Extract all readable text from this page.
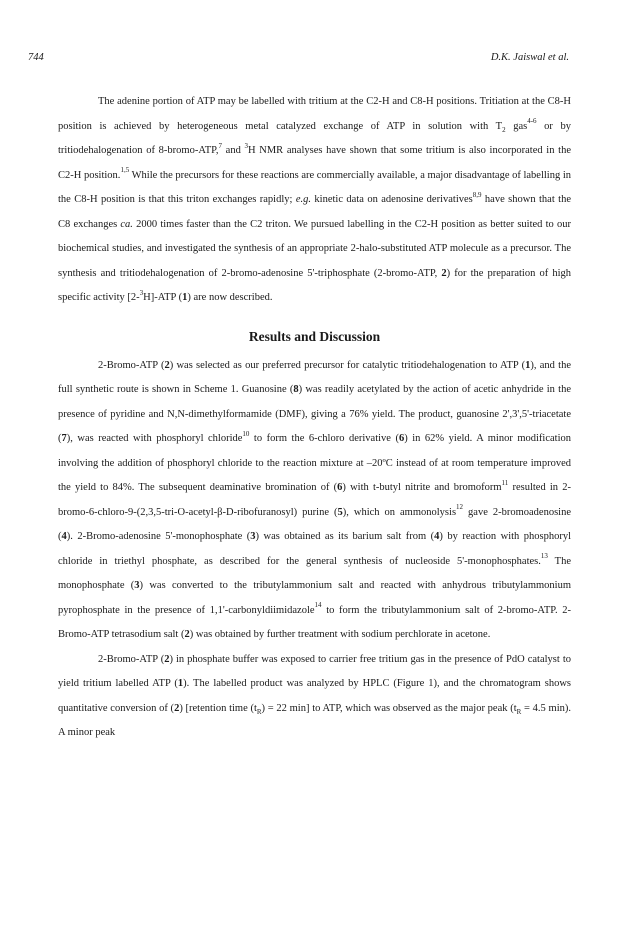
744	D.K. Jaiswal et al.

The adenine portion of ATP may be labelled with tritium at the C2-H and C8-H positions. Tritiation at the C8-H position is achieved by heterogeneous metal catalyzed exchange of ATP in solution with $T_2$ gas$^{4-6}$ or by tritiodehalogenation of 8-bromo-ATP,$^7$ and $^3$H NMR analyses have shown that some tritium is also incorporated in the C2-H position.$^{1,5}$ While the precursors for these reactions are commercially available, a major disadvantage of labelling in the C8-H position is that this triton exchanges rapidly; e.g. kinetic data on adenosine derivatives$^{8,9}$ have shown that the C8 exchanges ca. 2000 times faster than the C2 triton. We pursued labelling in the C2-H position as better suited to our biochemical studies, and investigated the synthesis of an appropriate 2-halo-substituted ATP molecule as a precursor. The synthesis and tritiodehalogenation of 2-bromo-adenosine 5'-triphosphate (2-bromo-ATP, 2) for the preparation of high specific activity [2-$^3$H]-ATP (1) are now described.

Results and Discussion

2-Bromo-ATP (2) was selected as our preferred precursor for catalytic tritiodehalogenation to ATP (1), and the full synthetic route is shown in Scheme 1. Guanosine (8) was readily acetylated by the action of acetic anhydride in the presence of pyridine and N,N-dimethylformamide (DMF), giving a 76% yield. The product, guanosine 2',3',5'-triacetate (7), was reacted with phosphoryl chloride$^{10}$ to form the 6-chloro derivative (6) in 62% yield. A minor modification involving the addition of phosphoryl chloride to the reaction mixture at –20ºC instead of at room temperature improved the yield to 84%. The subsequent deaminative bromination of (6) with t-butyl nitrite and bromoform$^{11}$ resulted in 2-bromo-6-chloro-9-(2,3,5-tri-O-acetyl-β-D-ribofuranosyl) purine (5), which on ammonolysis$^{12}$ gave 2-bromoadenosine (4). 2-Bromo-adenosine 5'-monophosphate (3) was obtained as its barium salt from (4) by reaction with phosphoryl chloride in triethyl phosphate, as described for the general synthesis of nucleoside 5'-monophosphates.$^{13}$ The monophosphate (3) was converted to the tributylammonium salt and reacted with anhydrous tributylammonium pyrophosphate in the presence of 1,1'-carbonyldiimidazole$^{14}$ to form the tributylammonium salt of 2-bromo-ATP. 2-Bromo-ATP tetrasodium salt (2) was obtained by further treatment with sodium perchlorate in acetone.

2-Bromo-ATP (2) in phosphate buffer was exposed to carrier free tritium gas in the presence of PdO catalyst to yield tritium labelled ATP (1). The labelled product was analyzed by HPLC (Figure 1), and the chromatogram shows quantitative conversion of (2) [retention time $(t_R) = 22$ min] to ATP, which was observed as the major peak ($t_R = 4.5$ min). A minor peak
